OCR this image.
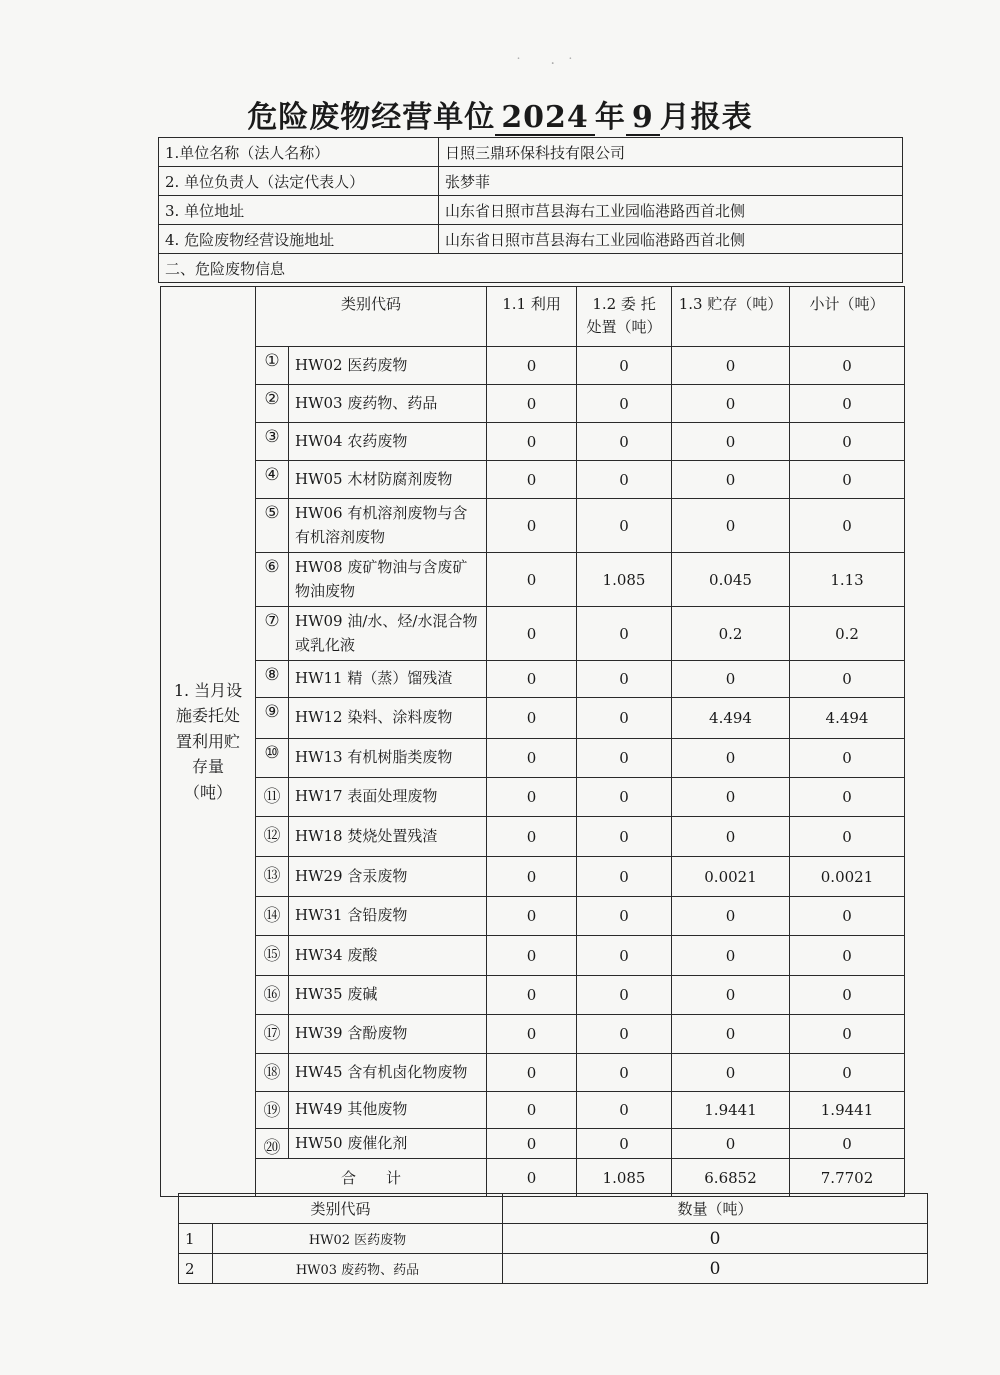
˙ ·˙
危险废物经营单位 2024 年 9 月报表
1.单位名称（法人名称）	日照三鼎环保科技有限公司
2. 单位负责人（法定代表人）	张梦菲
3. 单位地址	山东省日照市莒县海右工业园临港路西首北侧
4. 危险废物经营设施地址	山东省日照市莒县海右工业园临港路西首北侧
二、危险废物信息	
1. 当月设
施委托处
置利用贮
存量（吨）	类别代码		1.1 利用	1.2 委 托
处置（吨）	1.3 贮存（吨）	小计（吨）
	①	HW02 医药废物	0	0	0	0
	②	HW03 废药物、药品	0	0	0	0
	③	HW04 农药废物	0	0	0	0
	④	HW05 木材防腐剂废物	0	0	0	0
	⑤	HW06 有机溶剂废物与含
有机溶剂废物	0	0	0	0
	⑥	HW08 废矿物油与含废矿
物油废物	0	1.085	0.045	1.13
	⑦	HW09 油/水、烃/水混合物
或乳化液	0	0	0.2	0.2
	⑧	HW11 精（蒸）馏残渣	0	0	0	0
	⑨	HW12 染料、涂料废物	0	0	4.494	4.494
	⑩	HW13 有机树脂类废物	0	0	0	0
	⑪	HW17 表面处理废物	0	0	0	0
	⑫	HW18 焚烧处置残渣	0	0	0	0
	⑬	HW29 含汞废物	0	0	0.0021	0.0021
	⑭	HW31 含铅废物	0	0	0	0
	⑮	HW34 废酸	0	0	0	0
	⑯	HW35 废碱	0	0	0	0
	⑰	HW39 含酚废物	0	0	0	0
	⑱	HW45 含有机卤化物废物	0	0	0	0
	⑲	HW49 其他废物	0	0	1.9441	1.9441
	⑳	HW50 废催化剂	0	0	0	0
	合　　计		0	1.085	6.6852	7.7702
类别代码		数量（吨）
1	HW02 医药废物	0
2	HW03 废药物、药品	0
